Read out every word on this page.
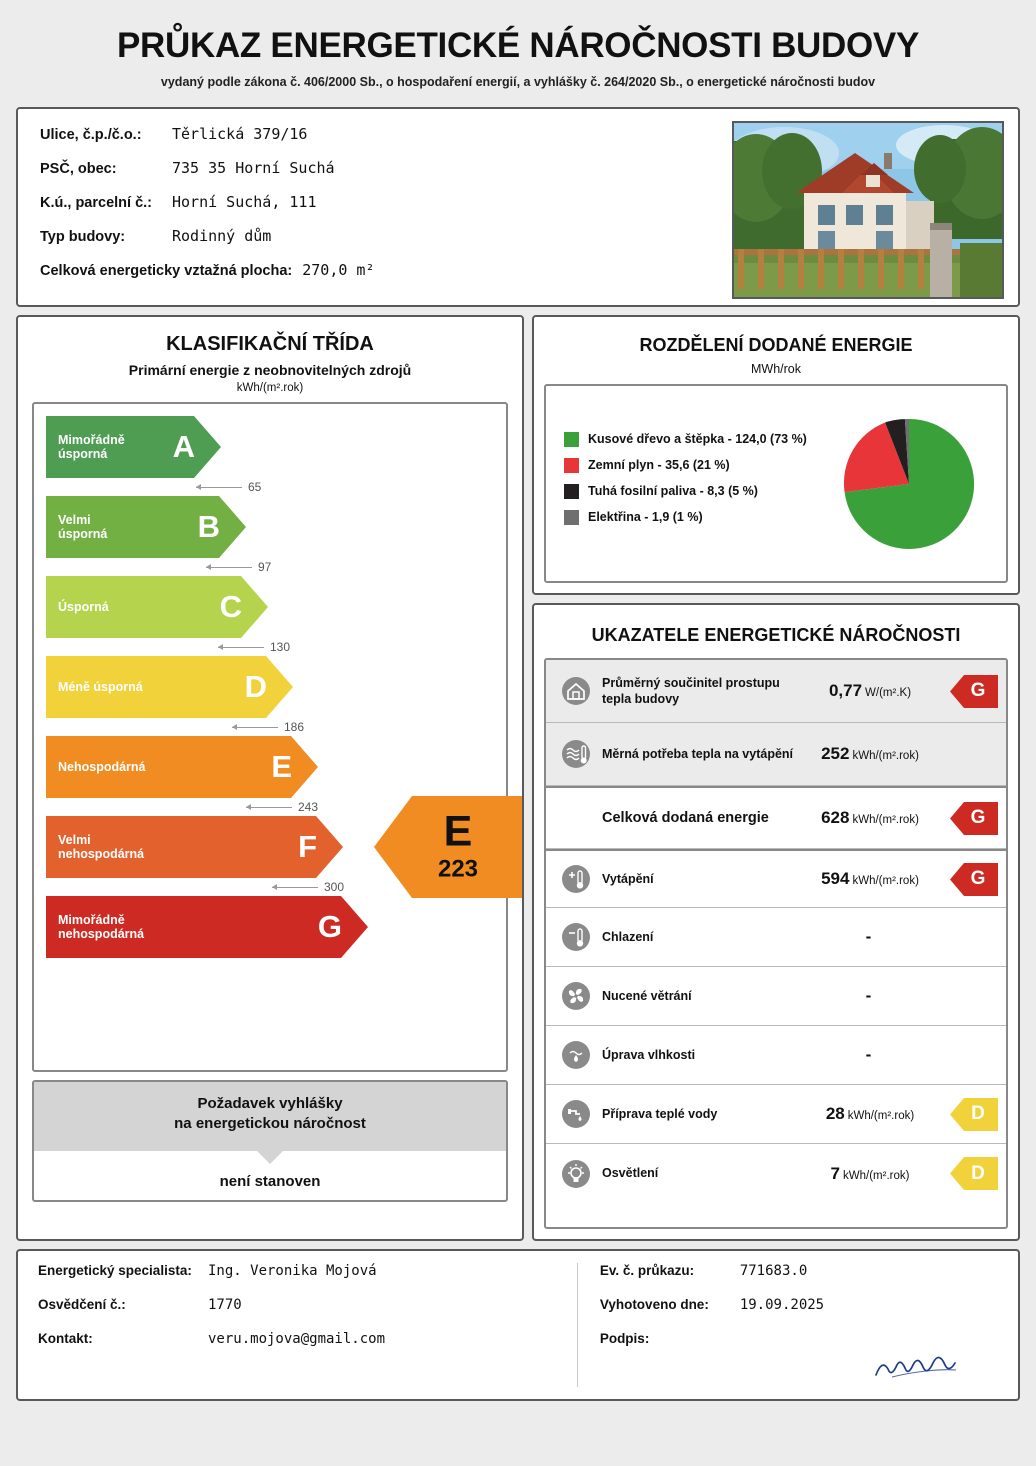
PRŮKAZ ENERGETICKÉ NÁROČNOSTI BUDOVY
vydaný podle zákona č. 406/2000 Sb., o hospodaření energií, a vyhlášky č. 264/2020 Sb., o energetické náročnosti budov
Ulice, č.p./č.o.:	Těrlická 379/16
PSČ, obec:	735 35 Horní Suchá
K.ú., parcelní č.:	Horní Suchá, 111
Typ budovy:	Rodinný dům
Celková energeticky vztažná plocha: 270,0 m²
KLASIFIKAČNÍ TŘÍDA
Primární energie z neobnovitelných zdrojů
kWh/(m².rok)
Mimořádně
úsporná	A
65
Velmi
úsporná	B
97
Úsporná	C
130
Méně úsporná	D
186
Nehospodárná	E
243
Velmi
nehospodárná	F
300
Mimořádně
nehospodárná	G
E
223
Požadavek vyhlášky
na energetickou náročnost
není stanoven
ROZDĚLENÍ DODANÉ ENERGIE
MWh/rok
Kusové dřevo a štěpka - 124,0 (73 %)
Zemní plyn - 35,6 (21 %)
Tuhá fosilní paliva - 8,3 (5 %)
Elektřina - 1,9 (1 %)
UKAZATELE ENERGETICKÉ NÁROČNOSTI
Průměrný součinitel prostupu tepla budovy	0,77 W/(m².K)	G
Měrná potřeba tepla na vytápění	252 kWh/(m².rok)
Celková dodaná energie	628 kWh/(m².rok)	G
Vytápění	594 kWh/(m².rok)	G
Chlazení	-
Nucené větrání	-
Úprava vlhkosti	-
Příprava teplé vody	28 kWh/(m².rok)	D
Osvětlení	7 kWh/(m².rok)	D
Energetický specialista:	Ing. Veronika Mojová
Osvědčení č.:	1770
Kontakt:	veru.mojova@gmail.com
Ev. č. průkazu:	771683.0
Vyhotoveno dne:	19.09.2025
Podpis:
